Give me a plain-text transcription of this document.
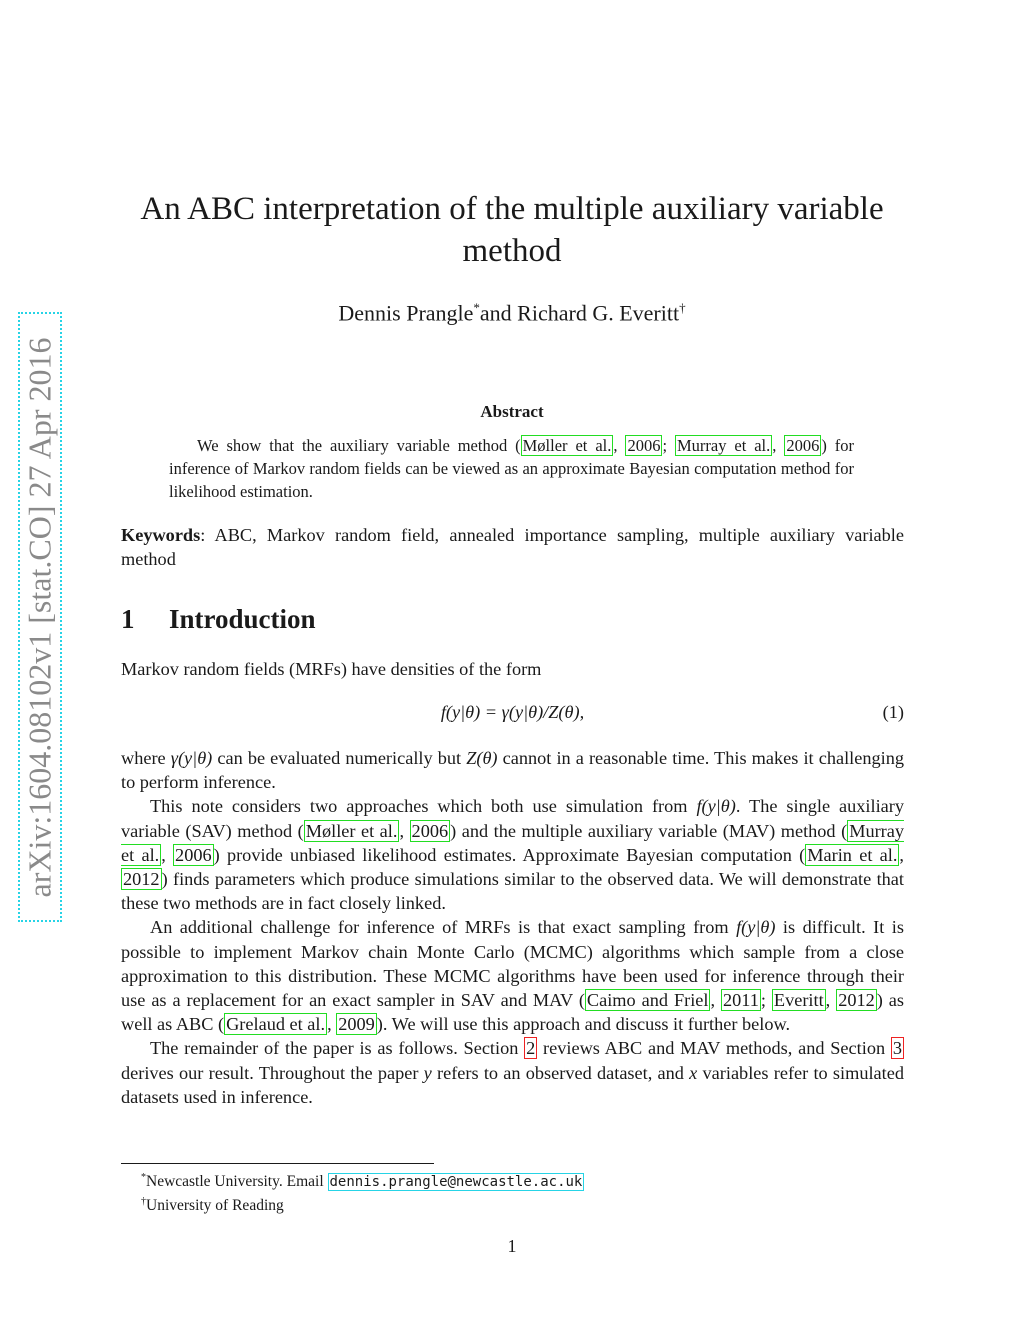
arXiv:1604.08102v1 [stat.CO] 27 Apr 2016
An ABC interpretation of the multiple auxiliary variable method
Dennis Prangle*and Richard G. Everitt†
Abstract

We show that the auxiliary variable method ( Møller et al. , 2006 ; Murray et al. , 2006 ) for inference of Markov random fields can be viewed as an approximate Bayesian computation method for likelihood estimation.

Keywords: ABC, Markov random field, annealed importance sampling, multiple auxiliary variable method

1 Introduction

Markov random fields (MRFs) have densities of the form

f(y|θ) = γ(y|θ)/Z(θ),	(1)

where γ(y|θ) can be evaluated numerically but Z(θ) cannot in a reasonable time. This makes it challenging to perform inference.

This note considers two approaches which both use simulation from f(y|θ). The single auxiliary variable (SAV) method ( Møller et al. , 2006 ) and the multiple auxiliary variable (MAV) method ( Murray et al. , 2006 ) provide unbiased likelihood estimates. Approximate Bayesian computation ( Marin et al. , 2012 ) finds parameters which produce simulations similar to the observed data. We will demonstrate that these two methods are in fact closely linked.

An additional challenge for inference of MRFs is that exact sampling from f(y|θ) is difficult. It is possible to implement Markov chain Monte Carlo (MCMC) algorithms which sample from a close approximation to this distribution. These MCMC algorithms have been used for inference through their use as a replacement for an exact sampler in SAV and MAV ( Caimo and Friel , 2011 ; Everitt , 2012 ) as well as ABC ( Grelaud et al. , 2009 ). We will use this approach and discuss it further below.

The remainder of the paper is as follows. Section 2 reviews ABC and MAV methods, and Section 3 derives our result. Throughout the paper y refers to an observed dataset, and x variables refer to simulated datasets used in inference.

*Newcastle University. Email dennis.prangle@newcastle.ac.uk
†University of Reading
1
